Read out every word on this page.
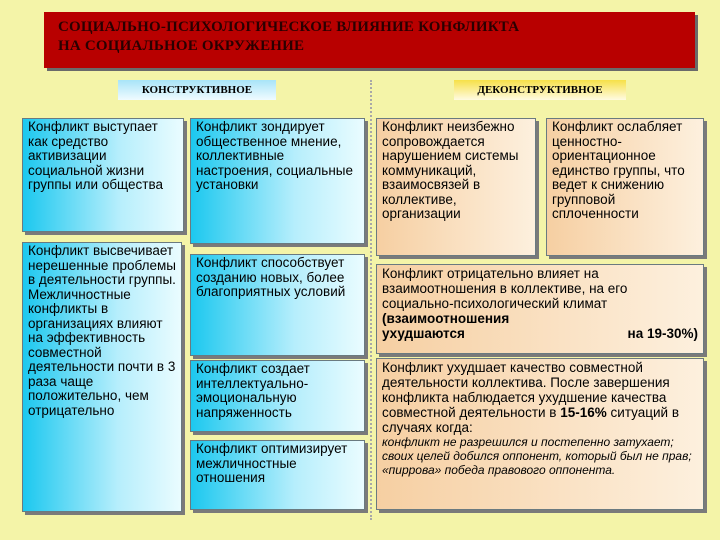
СОЦИАЛЬНО-ПСИХОЛОГИЧЕСКОЕ ВЛИЯНИЕ КОНФЛИКТА
НА СОЦИАЛЬНОЕ ОКРУЖЕНИЕ
КОНСТРУКТИВНОЕ	ДЕКОНСТРУКТИВНОЕ
Конфликт выступает как средство активизации социальной жизни группы или общества
Конфликт зондирует общественное мнение, коллективные настроения, социальные установки
Конфликт высвечивает нерешенные проблемы в деятельности группы. Межличностные конфликты в организациях влияют на эффективность совместной деятельности почти в 3 раза чаще положительно, чем отрицательно
Конфликт способствует созданию новых, более благоприятных условий
Конфликт создает интеллектуально-эмоциональную напряженность
Конфликт оптимизирует межличностные отношения
Конфликт неизбежно сопровождается нарушением системы коммуникаций, взаимосвязей в коллективе, организации
Конфликт ослабляет ценностно-ориентационное единство группы, что ведет к снижению групповой сплоченности
Конфликт отрицательно влияет на взаимоотношения в коллективе, на его социально-психологический климат (взаимоотношения
ухудшаются	на 19-30%)
Конфликт ухудшает качество совместной деятельности коллектива. После завершения конфликта наблюдается ухудшение качества совместной деятельности в 15-16% ситуаций в случаях когда:
конфликт не разрешился и постепенно затухает; своих целей добился оппонент, который был не прав; «пиррова» победа правового оппонента.
